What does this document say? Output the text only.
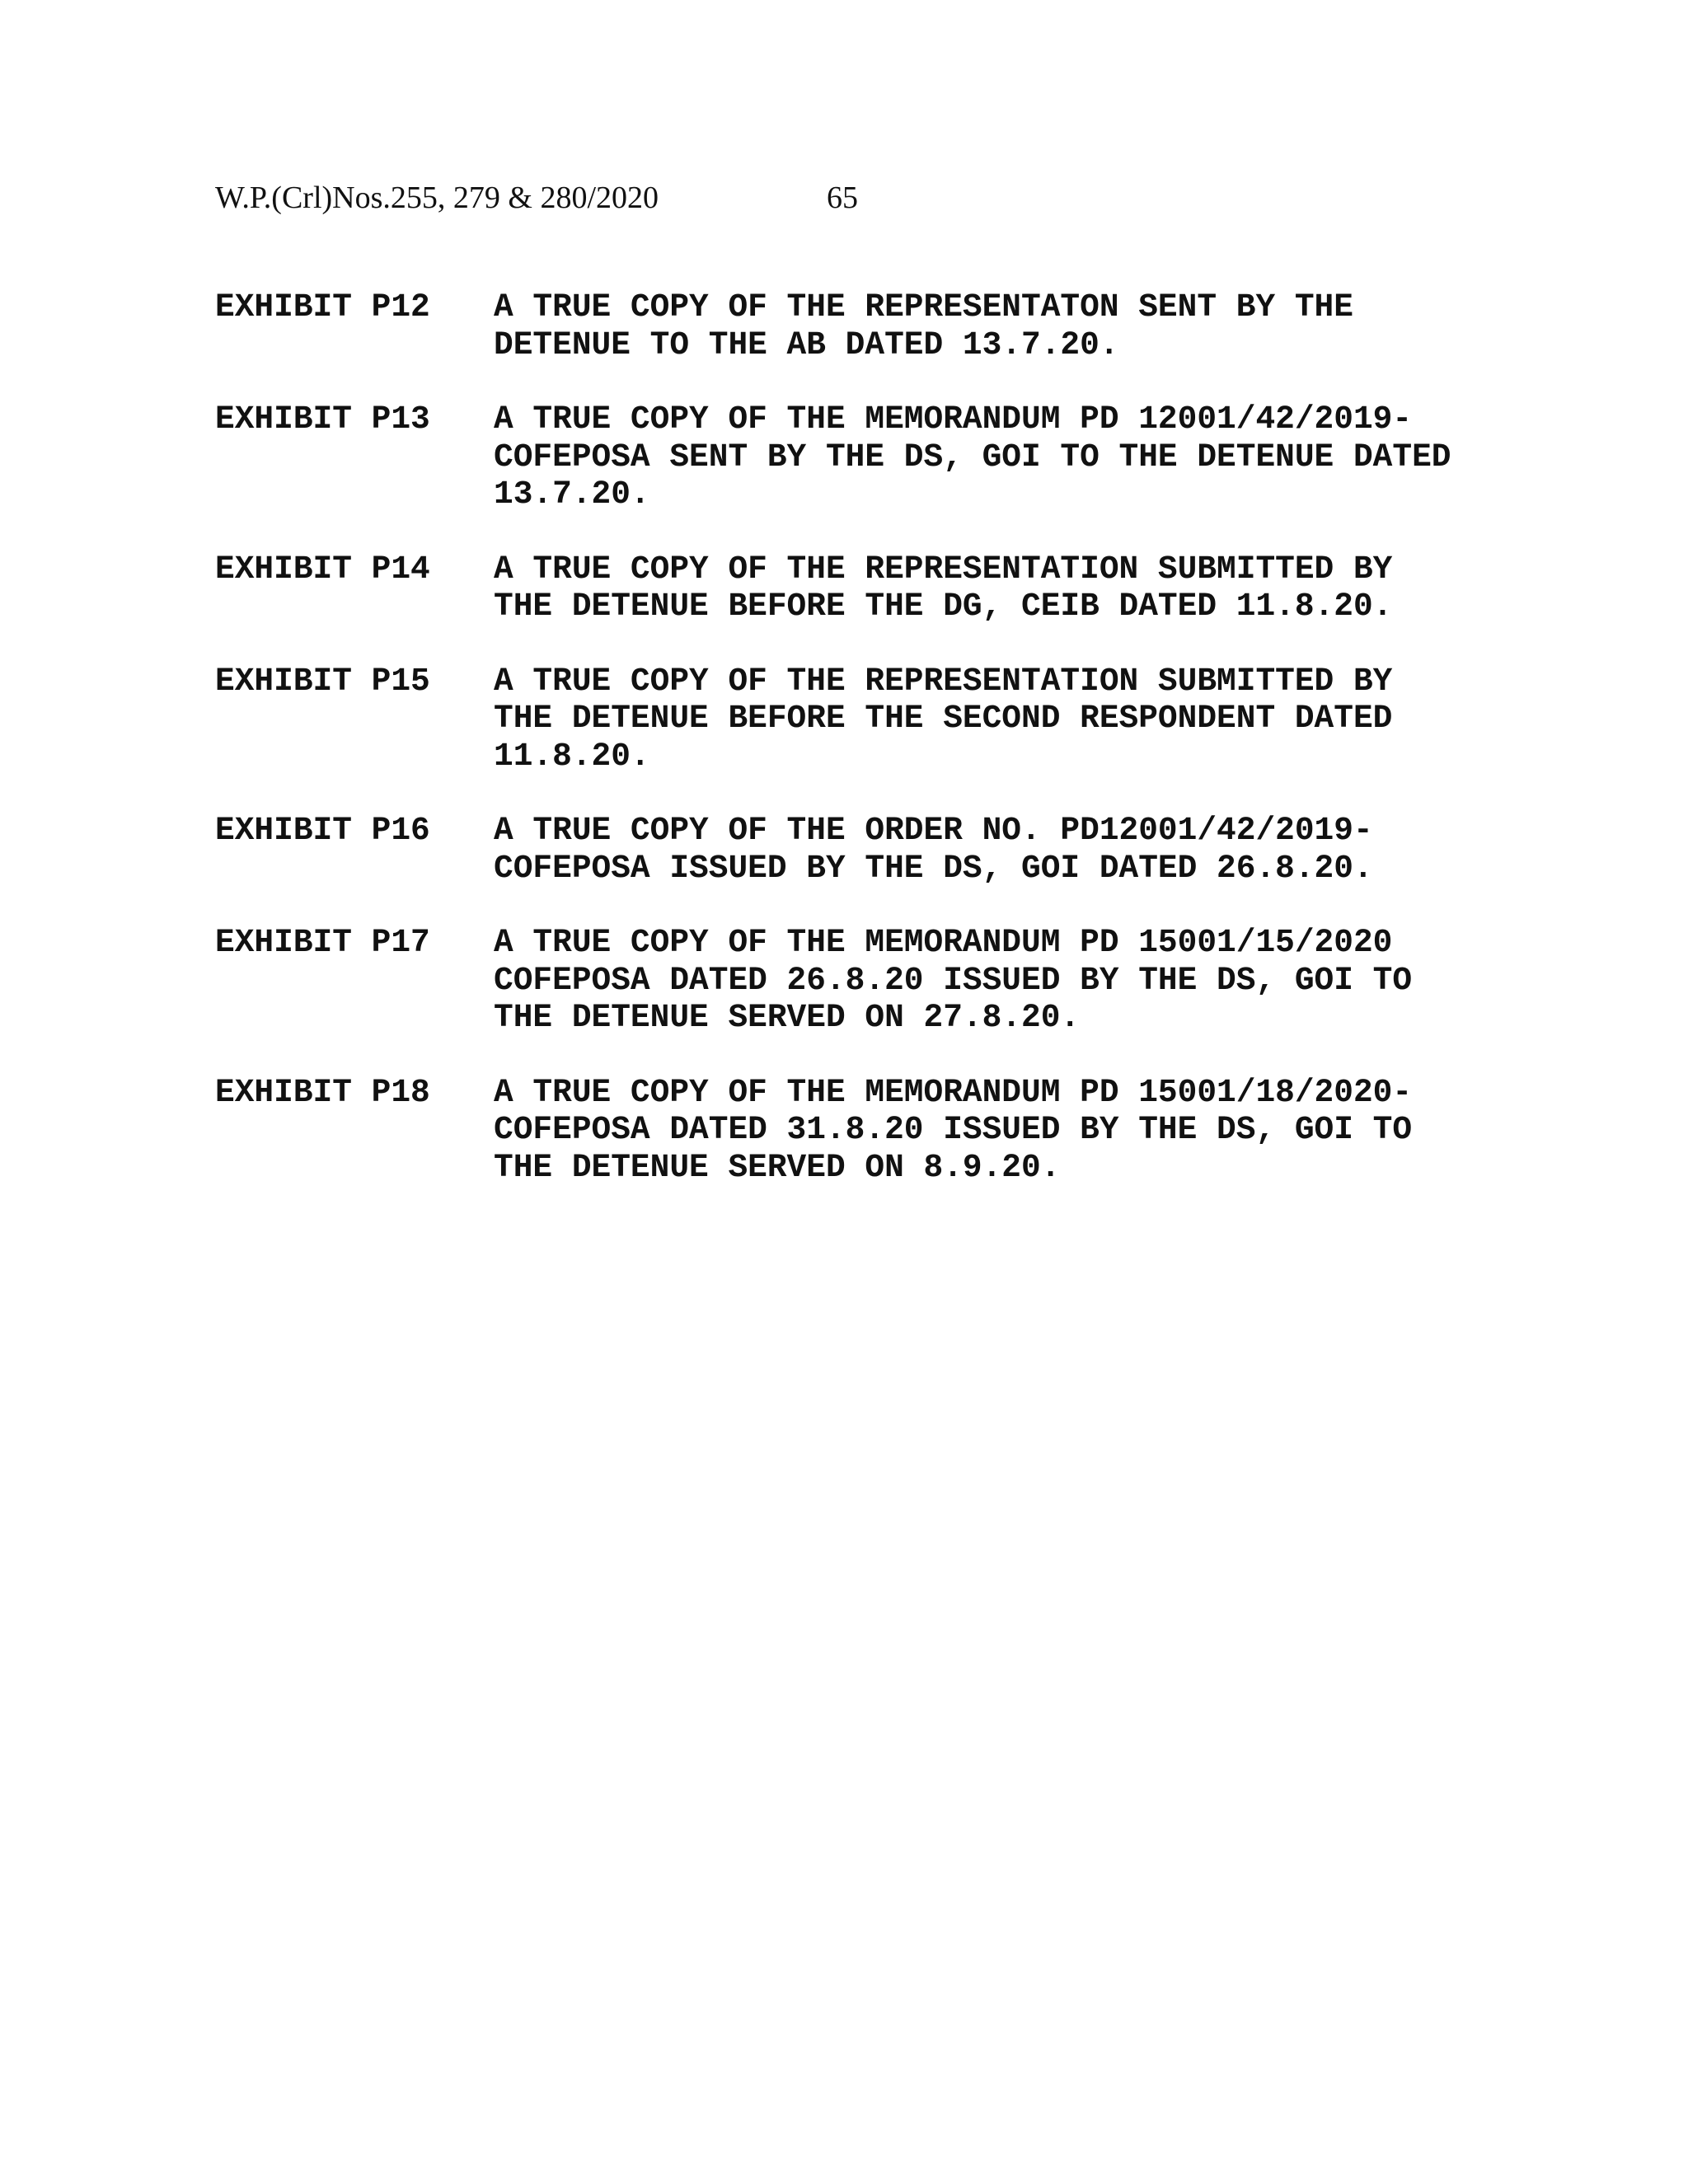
W.P.(Crl)Nos.255, 279 & 280/2020	65
EXHIBIT P12	A TRUE COPY OF THE REPRESENTATON SENT BY THE
DETENUE TO THE AB DATED 13.7.20.
EXHIBIT P13	A TRUE COPY OF THE MEMORANDUM PD 12001/42/2019-
COFEPOSA SENT BY THE DS, GOI TO THE DETENUE DATED
13.7.20.
EXHIBIT P14	A TRUE COPY OF THE REPRESENTATION SUBMITTED BY
THE DETENUE BEFORE THE DG, CEIB DATED 11.8.20.
EXHIBIT P15	A TRUE COPY OF THE REPRESENTATION SUBMITTED BY
THE DETENUE BEFORE THE SECOND RESPONDENT DATED
11.8.20.
EXHIBIT P16	A TRUE COPY OF THE ORDER NO. PD12001/42/2019-
COFEPOSA ISSUED BY THE DS, GOI DATED 26.8.20.
EXHIBIT P17	A TRUE COPY OF THE MEMORANDUM PD 15001/15/2020
COFEPOSA DATED 26.8.20 ISSUED BY THE DS, GOI TO
THE DETENUE SERVED ON 27.8.20.
EXHIBIT P18	A TRUE COPY OF THE MEMORANDUM PD 15001/18/2020-
COFEPOSA DATED 31.8.20 ISSUED BY THE DS, GOI TO
THE DETENUE SERVED ON 8.9.20.
